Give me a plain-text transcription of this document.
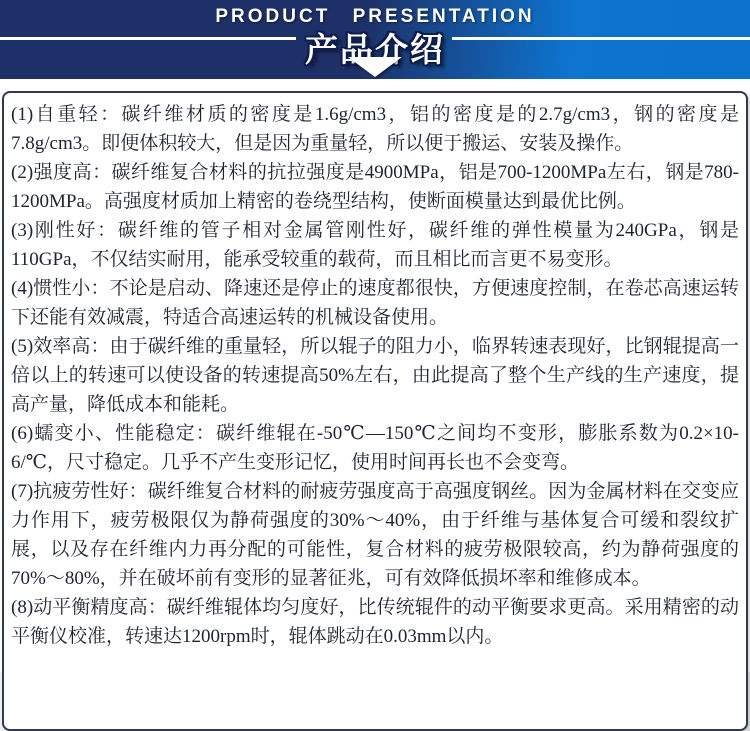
PRODUCT PRESENTATION
产品介绍

(1)自重轻：碳纤维材质的密度是1.6g/cm3，铝的密度是的2.7g/cm3，钢的密度是7.8g/cm3。即便体积较大，但是因为重量轻，所以便于搬运、安装及操作。

(2)强度高：碳纤维复合材料的抗拉强度是4900MPa，铝是700-1200MPa左右，钢是780-1200MPa。高强度材质加上精密的卷绕型结构，使断面模量达到最优比例。

(3)刚性好：碳纤维的管子相对金属管刚性好，碳纤维的弹性模量为240GPa，钢是110GPa，不仅结实耐用，能承受较重的载荷，而且相比而言更不易变形。

(4)惯性小：不论是启动、降速还是停止的速度都很快，方便速度控制，在卷芯高速运转下还能有效减震，特适合高速运转的机械设备使用。

(5)效率高：由于碳纤维的重量轻，所以辊子的阻力小，临界转速表现好，比钢辊提高一倍以上的转速可以使设备的转速提高50%左右，由此提高了整个生产线的生产速度，提高产量，降低成本和能耗。

(6)蠕变小、性能稳定：碳纤维辊在-50℃—150℃之间均不变形，膨胀系数为0.2×10-6/℃，尺寸稳定。几乎不产生变形记忆，使用时间再长也不会变弯。

(7)抗疲劳性好：碳纤维复合材料的耐疲劳强度高于高强度钢丝。因为金属材料在交变应力作用下，疲劳极限仅为静荷强度的30%～40%，由于纤维与基体复合可缓和裂纹扩展，以及存在纤维内力再分配的可能性，复合材料的疲劳极限较高，约为静荷强度的70%～80%，并在破坏前有变形的显著征兆，可有效降低损坏率和维修成本。

(8)动平衡精度高：碳纤维辊体均匀度好，比传统辊件的动平衡要求更高。采用精密的动平衡仪校准，转速达1200rpm时，辊体跳动在0.03mm以内。
